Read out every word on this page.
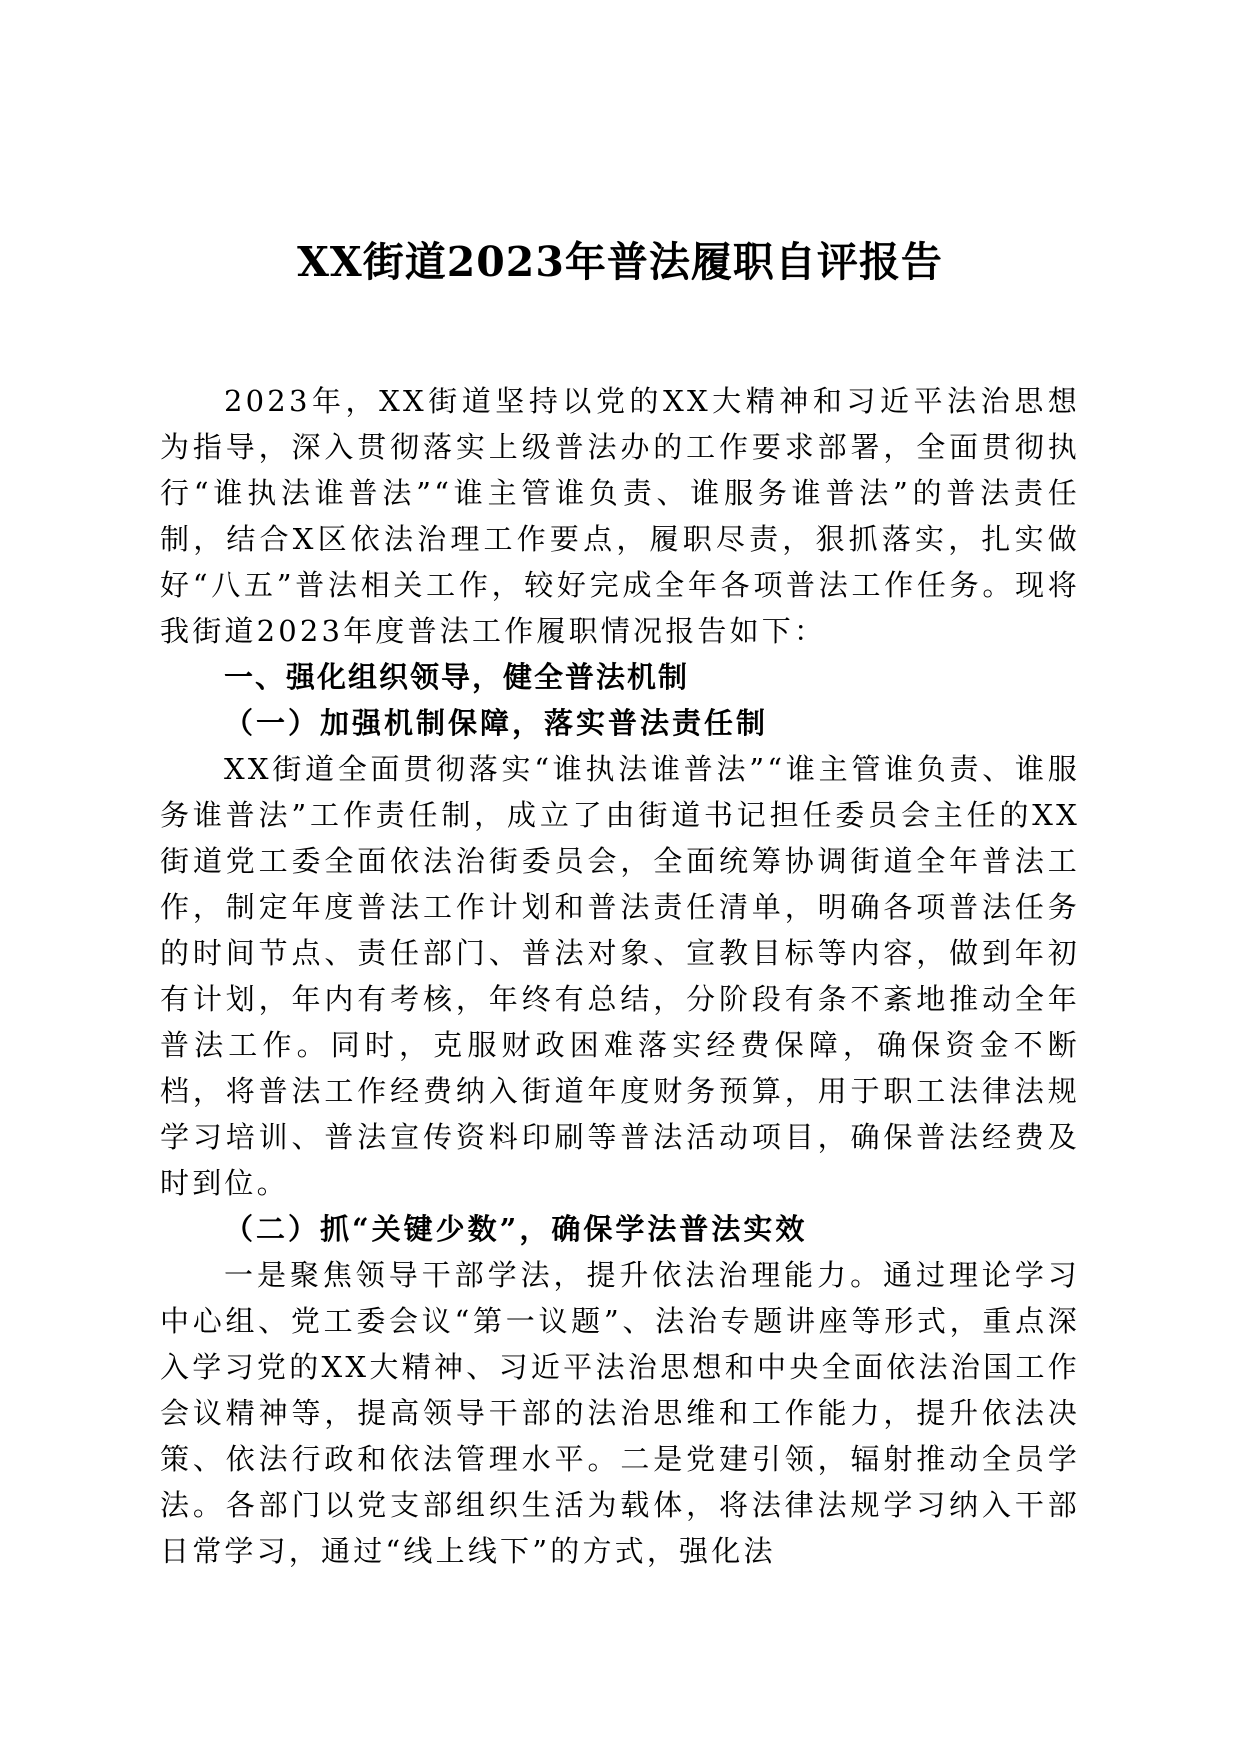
XX街道2023年普法履职自评报告

2023年，XX街道坚持以党的XX大精神和习近平法治思想为指导，深入贯彻落实上级普法办的工作要求部署，全面贯彻执行“谁执法谁普法”“谁主管谁负责、谁服务谁普法”的普法责任制，结合X区依法治理工作要点，履职尽责，狠抓落实，扎实做好“八五”普法相关工作，较好完成全年各项普法工作任务。现将我街道2023年度普法工作履职情况报告如下：

一、强化组织领导，健全普法机制

（一）加强机制保障，落实普法责任制

XX街道全面贯彻落实“谁执法谁普法”“谁主管谁负责、谁服务谁普法”工作责任制，成立了由街道书记担任委员会主任的XX街道党工委全面依法治街委员会，全面统筹协调街道全年普法工作，制定年度普法工作计划和普法责任清单，明确各项普法任务的时间节点、责任部门、普法对象、宣教目标等内容，做到年初有计划，年内有考核，年终有总结，分阶段有条不紊地推动全年普法工作。同时，克服财政困难落实经费保障，确保资金不断档，将普法工作经费纳入街道年度财务预算，用于职工法律法规学习培训、普法宣传资料印刷等普法活动项目，确保普法经费及时到位。

（二）抓“关键少数”，确保学法普法实效

一是聚焦领导干部学法，提升依法治理能力。通过理论学习中心组、党工委会议“第一议题”、法治专题讲座等形式，重点深入学习党的XX大精神、习近平法治思想和中央全面依法治国工作会议精神等，提高领导干部的法治思维和工作能力，提升依法决策、依法行政和依法管理水平。二是党建引领，辐射推动全员学法。各部门以党支部组织生活为载体，将法律法规学习纳入干部日常学习，通过“线上线下”的方式，强化法
